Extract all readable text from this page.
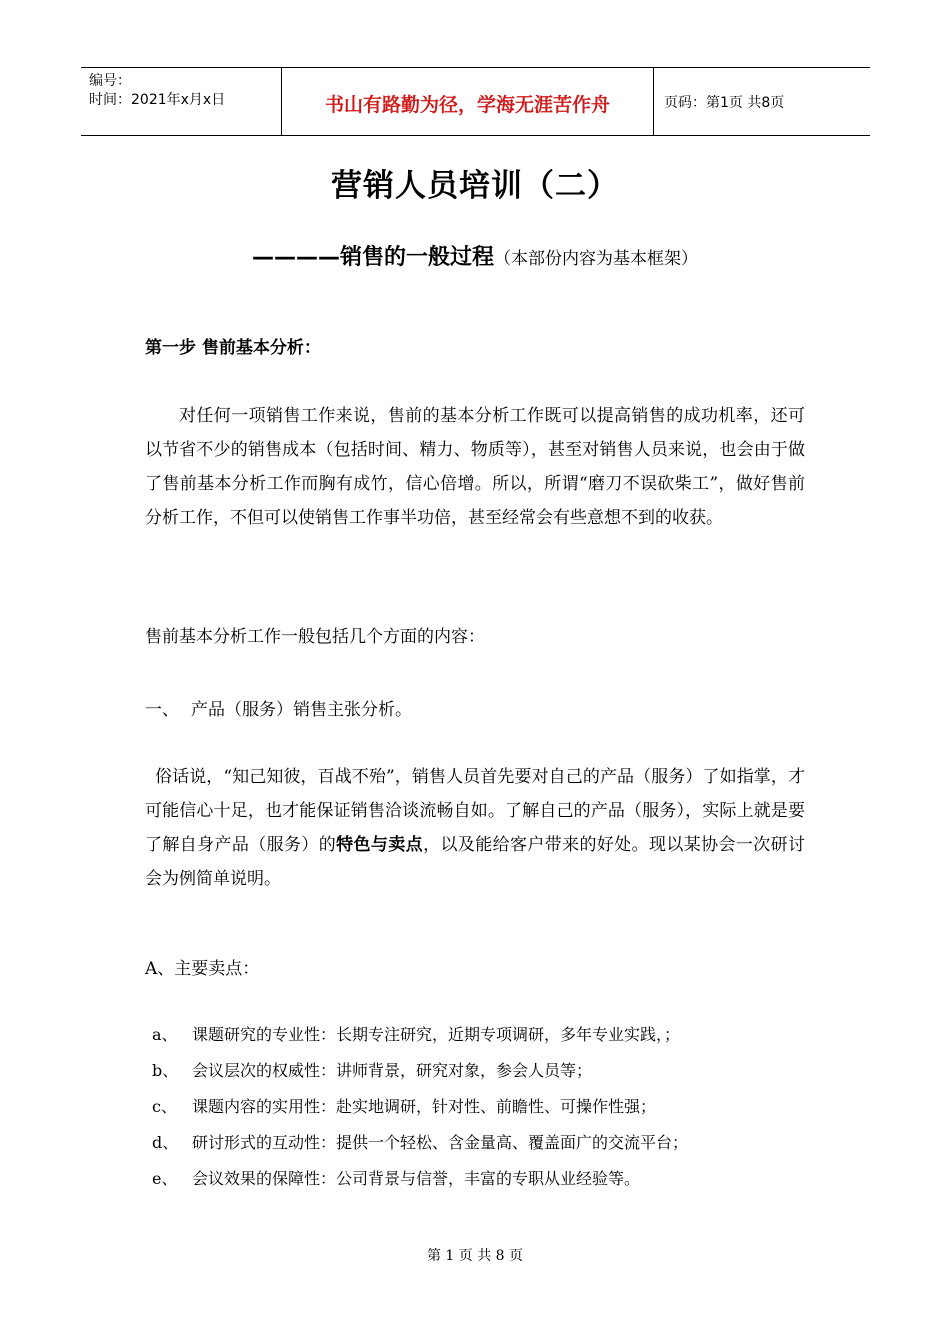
编号：
时间：2021年x月x日	书山有路勤为径，学海无涯苦作舟	页码：第1页 共8页
营销人员培训（二）
————销售的一般过程（本部份内容为基本框架）
第一步 售前基本分析：
对任何一项销售工作来说，售前的基本分析工作既可以提高销售的成功机率，还可以节省不少的销售成本（包括时间、精力、物质等），甚至对销售人员来说，也会由于做了售前基本分析工作而胸有成竹，信心倍增。所以，所谓“磨刀不误砍柴工”，做好售前分析工作，不但可以使销售工作事半功倍，甚至经常会有些意想不到的收获。
售前基本分析工作一般包括几个方面的内容：
一、 产品（服务）销售主张分析。
俗话说，“知己知彼，百战不殆”，销售人员首先要对自己的产品（服务）了如指掌，才可能信心十足，也才能保证销售洽谈流畅自如。了解自己的产品（服务），实际上就是要了解自身产品（服务）的特色与卖点，以及能给客户带来的好处。现以某协会一次研讨会为例简单说明。
A、主要卖点：
a、 课题研究的专业性：长期专注研究，近期专项调研，多年专业实践，；
b、 会议层次的权威性：讲师背景，研究对象，参会人员等；
c、 课题内容的实用性：赴实地调研，针对性、前瞻性、可操作性强；
d、 研讨形式的互动性：提供一个轻松、含金量高、覆盖面广的交流平台；
e、 会议效果的保障性：公司背景与信誉，丰富的专职从业经验等。
第 1 页 共 8 页
